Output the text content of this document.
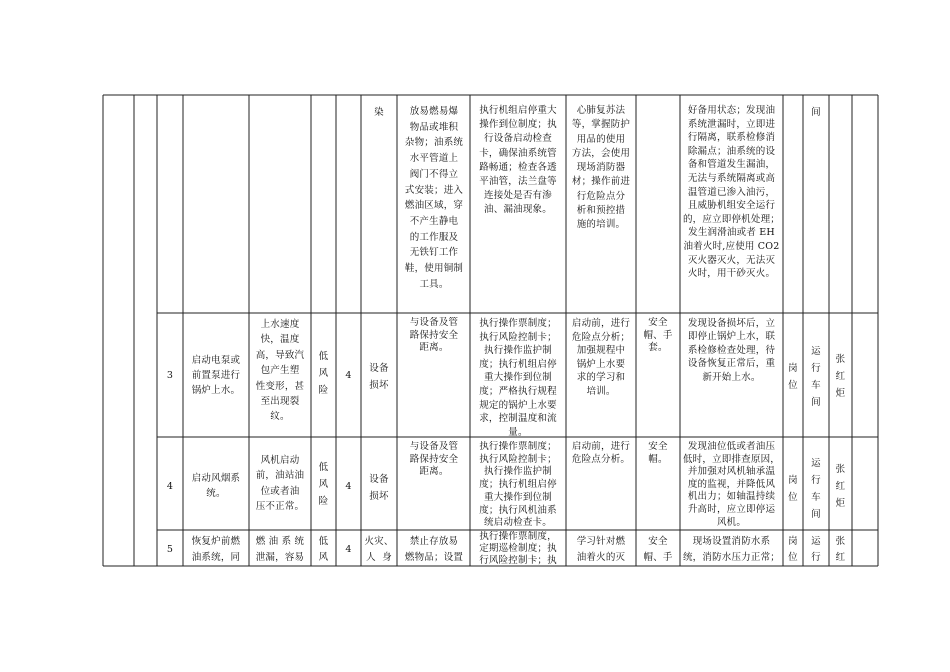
染	放易燃易爆
物品或堆积
杂物；油系统
水平管道上
阀门不得立
式安装；进入
燃油区域，穿
不产生静电
的工作服及
无铁钉工作
鞋，使用铜制
工具。
执行机组启停重大
操作到位制度；执
行设备启动检查
卡，确保油系统管
路畅通；检查各透
平油管，法兰盘等
连接处是否有渗
油、漏油现象。
心肺复苏法
等，掌握防护
用品的使用
方法，会使用
现场消防器
材；操作前进
行危险点分
析和预控措
施的培训。
好备用状态；发现油
系统泄漏时，立即进
行隔离，联系检修消
除漏点；油系统的设
备和管道发生漏油，
无法与系统隔离或高
温管道已渗入油污，
且威胁机组安全运行
的，应立即停机处理；
发生润滑油或者 EH
油着火时,应使用 CO2
灭火器灭火，无法灭
火时，用干砂灭火。
间
3
启动电泵或
前置泵进行
锅炉上水。
上水速度
快，温度
高，导致汽
包产生塑
性变形，甚
至出现裂
纹。
低
风
险
4
设备
损坏
与设备及管
路保持安全
距离。
执行操作票制度；
执行风险控制卡；
执行操作监护制
度；执行机组启停
重大操作到位制
度；严格执行规程
规定的锅炉上水要
求，控制温度和流
量。
启动前，进行
危险点分析；
加强规程中
锅炉上水要
求的学习和
培训。
安全
帽、手
套。
发现设备损坏后，立
即停止锅炉上水，联
系检修检查处理，待
设备恢复正常后，重
新开始上水。
岗
位
运
行
车
间
张
红
炬
4
启动风烟系
统。
风机启动
前，油站油
位或者油
压不正常。
低
风
险
4
设备
损坏
与设备及管
路保持安全
距离。
执行操作票制度；
执行风险控制卡；
执行操作监护制
度；执行机组启停
重大操作到位制
度；执行风机油系
统启动检查卡。
启动前，进行
危险点分析。
安全
帽。
发现油位低或者油压
低时，立即排查原因，
并加强对风机轴承温
度的监视，并降低风
机出力；如轴温持续
升高时，应立即停运
风机。
岗
位
运
行
车
间
张
红
炬
5
恢复炉前燃
油系统，同
燃 油 系 统
泄漏，容易
低
风
4
火灾、
人  身
禁止存放易
燃物品；设置
执行操作票制度，
定期巡检制度；执
行风险控制卡；执
学习针对燃
油着火的灭
安全
帽、手
现场设置消防水系
统，消防水压力正常；
岗
位
运
行
张
红
